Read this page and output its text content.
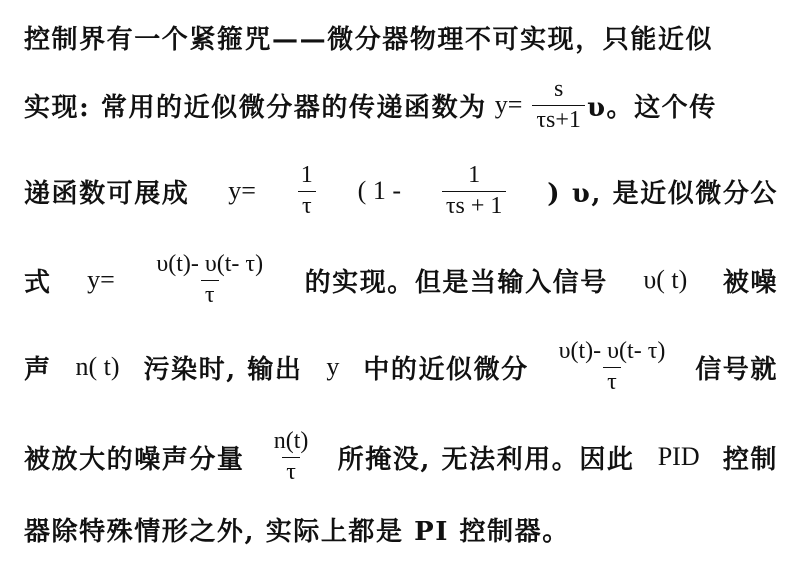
控制界有一个紧箍咒——微分器物理不可实现，只能近似
实现: 常用的近似微分器的传递函数为 $y= \frac{s}{\tau s+1}$ υ。这个传
递函数可展成 $y= \frac{1}{\tau}$ ( $1 - \frac{1}{\tau s + 1}$ ) υ, 是近似微分公
式 $y= \frac{\upsilon(t)- \upsilon(t- \tau)}{\tau}$ 的实现。但是当输入信号 υ( t) 被噪
声 n( t) 污染时, 输出 y 中的近似微分 $\frac{\upsilon(t)- \upsilon(t- \tau)}{\tau}$ 信号就
被放大的噪声分量 $\frac{n(t)}{\tau}$ 所掩没, 无法利用。因此 PID 控制
器除特殊情形之外, 实际上都是 PI 控制器。
